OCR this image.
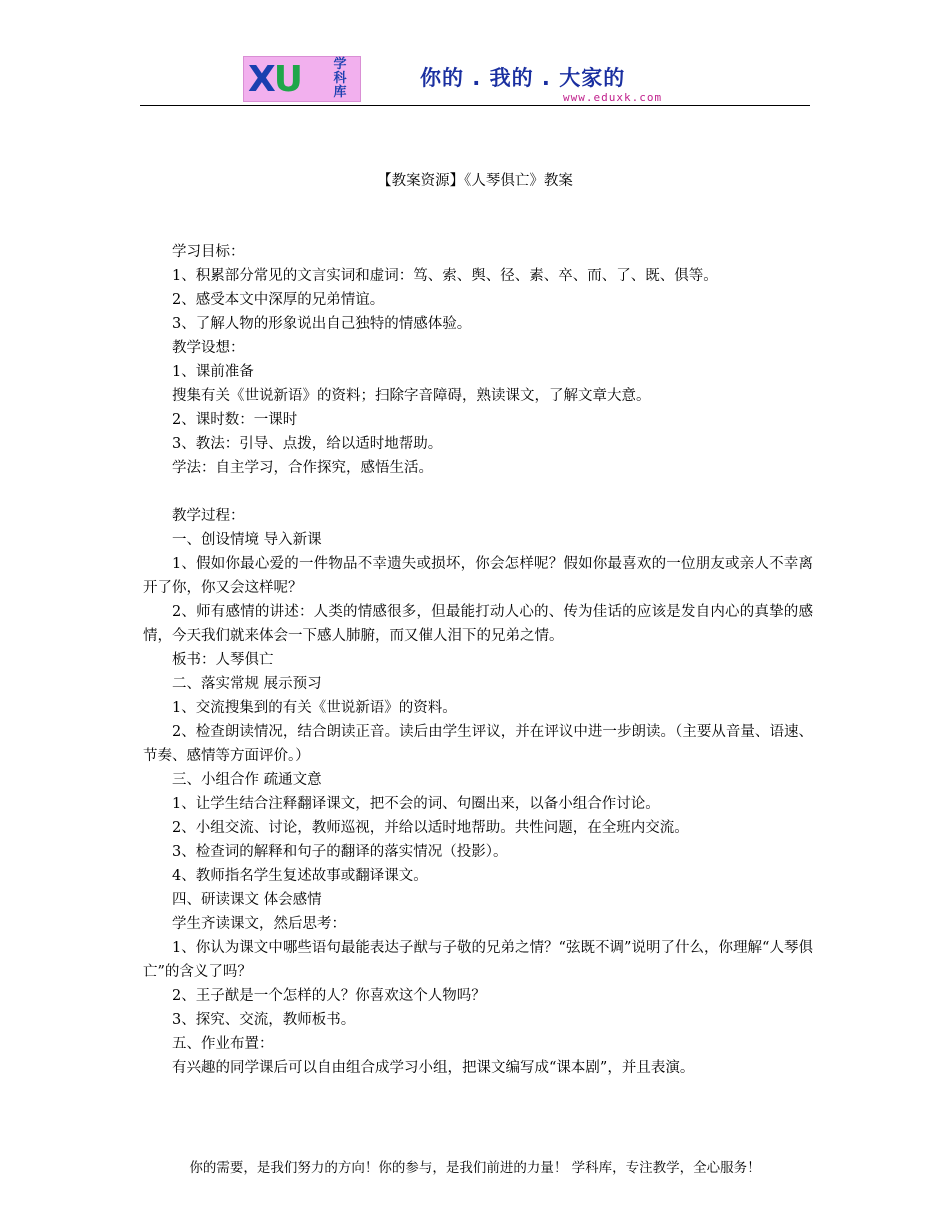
XU	学
科
库
你的 . 我的 . 大家的
www.eduxk.com
【教案资源】《人琴俱亡》教案

学习目标：

1、积累部分常见的文言实词和虚词：笃、索、舆、径、素、卒、而、了、既、俱等。

2、感受本文中深厚的兄弟情谊。

3、了解人物的形象说出自己独特的情感体验。

教学设想：

1、课前准备

搜集有关《世说新语》的资料；扫除字音障碍，熟读课文，了解文章大意。

2、课时数：一课时

3、教法：引导、点拨，给以适时地帮助。

学法：自主学习，合作探究，感悟生活。

教学过程：

一、创设情境 导入新课

1、假如你最心爱的一件物品不幸遗失或损坏，你会怎样呢？假如你最喜欢的一位朋友或亲人不幸离开了你，你又会这样呢？

2、师有感情的讲述：人类的情感很多，但最能打动人心的、传为佳话的应该是发自内心的真挚的感情，今天我们就来体会一下感人肺腑，而又催人泪下的兄弟之情。

板书：人琴俱亡

二、落实常规 展示预习

1、交流搜集到的有关《世说新语》的资料。

2、检查朗读情况，结合朗读正音。读后由学生评议，并在评议中进一步朗读。（主要从音量、语速、节奏、感情等方面评价。）

三、小组合作 疏通文意

1、让学生结合注释翻译课文，把不会的词、句圈出来，以备小组合作讨论。

2、小组交流、讨论，教师巡视，并给以适时地帮助。共性问题，在全班内交流。

3、检查词的解释和句子的翻译的落实情况（投影）。

4、教师指名学生复述故事或翻译课文。

四、研读课文 体会感情

学生齐读课文，然后思考：

1、你认为课文中哪些语句最能表达子猷与子敬的兄弟之情？“弦既不调”说明了什么，你理解“人琴俱亡”的含义了吗？

2、王子猷是一个怎样的人？你喜欢这个人物吗？

3、探究、交流，教师板书。

五、作业布置：

有兴趣的同学课后可以自由组合成学习小组，把课文编写成“课本剧”，并且表演。

你的需要，是我们努力的方向！你的参与，是我们前进的力量！ 学科库，专注教学，全心服务！
